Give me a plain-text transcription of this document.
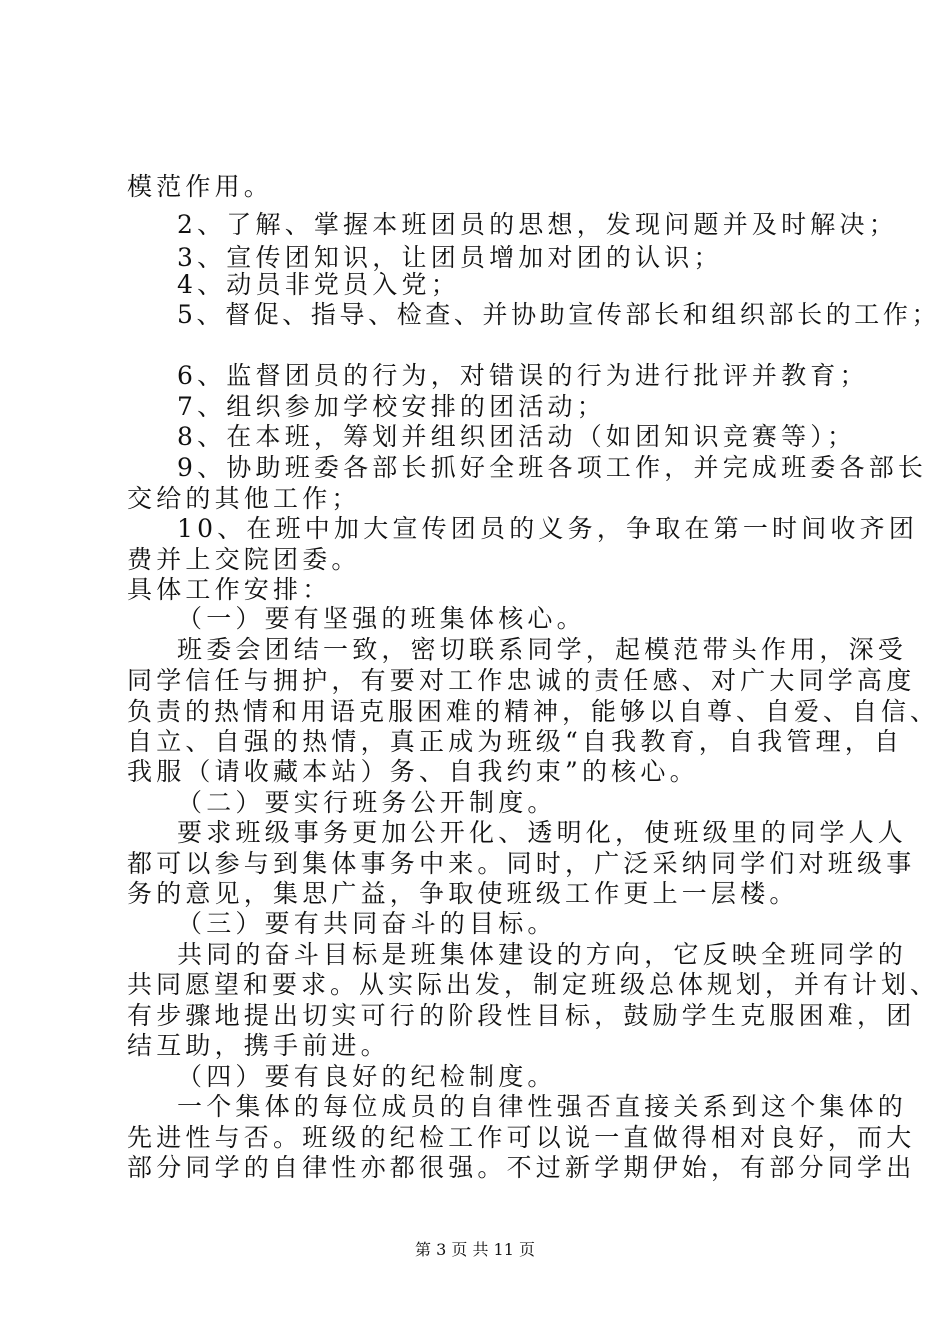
模范作用。
2、了解、掌握本班团员的思想，发现问题并及时解决；
3、宣传团知识，让团员增加对团的认识；
4、动员非党员入党；
5、督促、指导、检查、并协助宣传部长和组织部长的工作；
6、监督团员的行为，对错误的行为进行批评并教育；
7、组织参加学校安排的团活动；
8、在本班，筹划并组织团活动（如团知识竞赛等）；
9、协助班委各部长抓好全班各项工作，并完成班委各部长
交给的其他工作；
10、在班中加大宣传团员的义务，争取在第一时间收齐团
费并上交院团委。
具体工作安排：
（一）要有坚强的班集体核心。
班委会团结一致，密切联系同学，起模范带头作用，深受
同学信任与拥护，有要对工作忠诚的责任感、对广大同学高度
负责的热情和用语克服困难的精神，能够以自尊、自爱、自信、
自立、自强的热情，真正成为班级“自我教育，自我管理，自
我服（请收藏本站）务、自我约束”的核心。
（二）要实行班务公开制度。
要求班级事务更加公开化、透明化，使班级里的同学人人
都可以参与到集体事务中来。同时，广泛采纳同学们对班级事
务的意见，集思广益，争取使班级工作更上一层楼。
（三）要有共同奋斗的目标。
共同的奋斗目标是班集体建设的方向，它反映全班同学的
共同愿望和要求。从实际出发，制定班级总体规划，并有计划、
有步骤地提出切实可行的阶段性目标，鼓励学生克服困难，团
结互助，携手前进。
（四）要有良好的纪检制度。
一个集体的每位成员的自律性强否直接关系到这个集体的
先进性与否。班级的纪检工作可以说一直做得相对良好，而大
部分同学的自律性亦都很强。不过新学期伊始，有部分同学出
第 3 页 共 11 页
